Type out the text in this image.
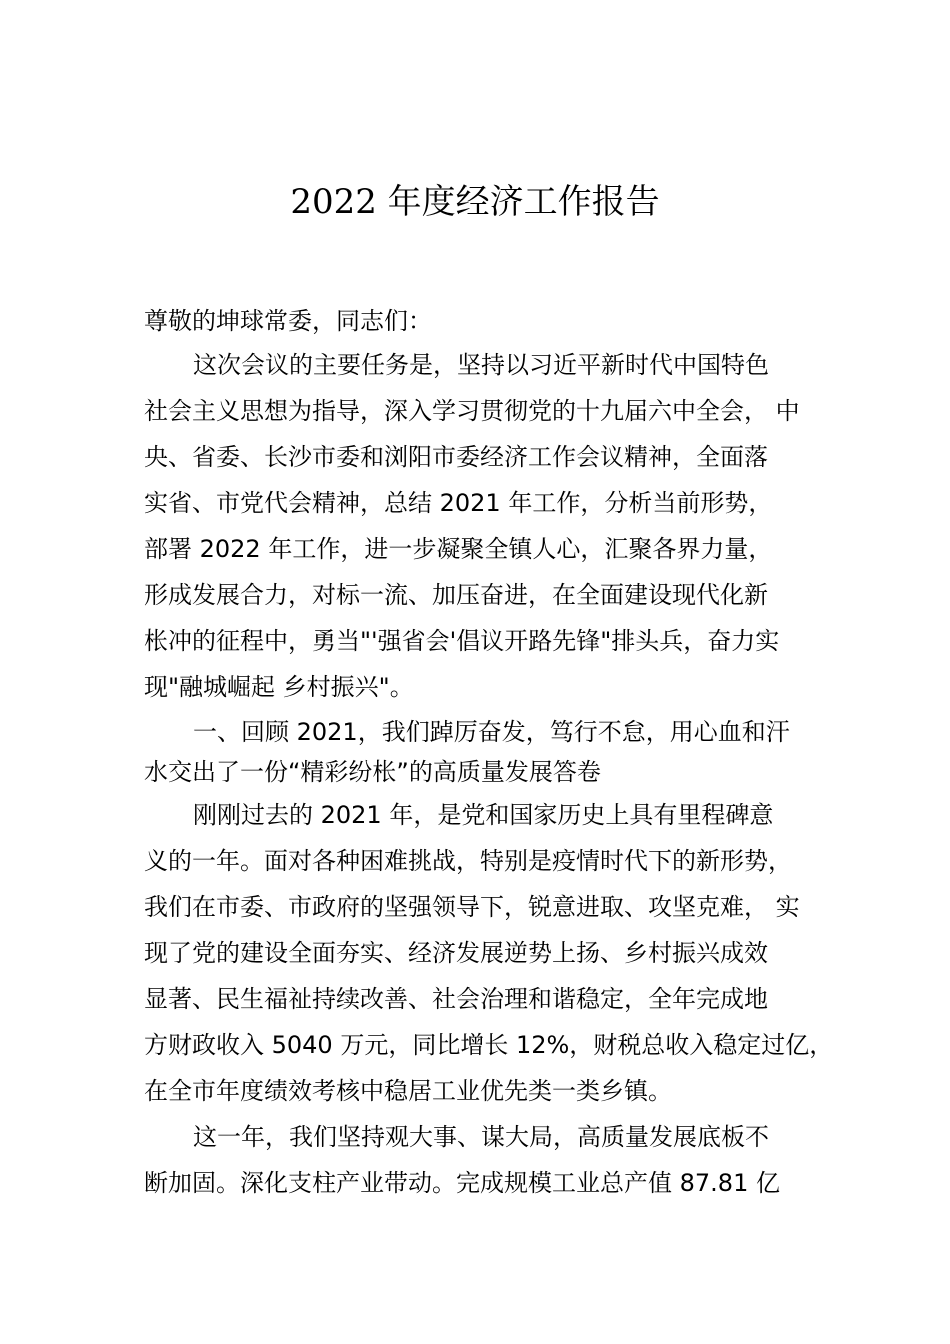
2022 年度经济工作报告
尊敬的坤球常委，同志们：
这次会议的主要任务是，坚持以习近平新时代中国特色
社会主义思想为指导，深入学习贯彻党的十九届六中全会， 中
央、省委、长沙市委和浏阳市委经济工作会议精神，全面落
实省、市党代会精神，总结 2021 年工作，分析当前形势，
部署 2022 年工作，进一步凝聚全镇人心，汇聚各界力量，
形成发展合力，对标一流、加压奋进，在全面建设现代化新
枨冲的征程中，勇当"'强省会'倡议开路先锋"排头兵，奋力实
现"融城崛起 乡村振兴"。
一、回顾 2021，我们踔厉奋发，笃行不怠，用心血和汗
水交出了一份“精彩纷枨”的高质量发展答卷
刚刚过去的 2021 年，是党和国家历史上具有里程碑意
义的一年。面对各种困难挑战，特别是疫情时代下的新形势，
我们在市委、市政府的坚强领导下，锐意进取、攻坚克难， 实
现了党的建设全面夯实、经济发展逆势上扬、乡村振兴成效
显著、民生福祉持续改善、社会治理和谐稳定，全年完成地
方财政收入 5040 万元，同比增长 12%，财税总收入稳定过亿，
在全市年度绩效考核中稳居工业优先类一类乡镇。
这一年，我们坚持观大事、谋大局，高质量发展底板不
断加固。深化支柱产业带动。完成规模工业总产值 87.81 亿
